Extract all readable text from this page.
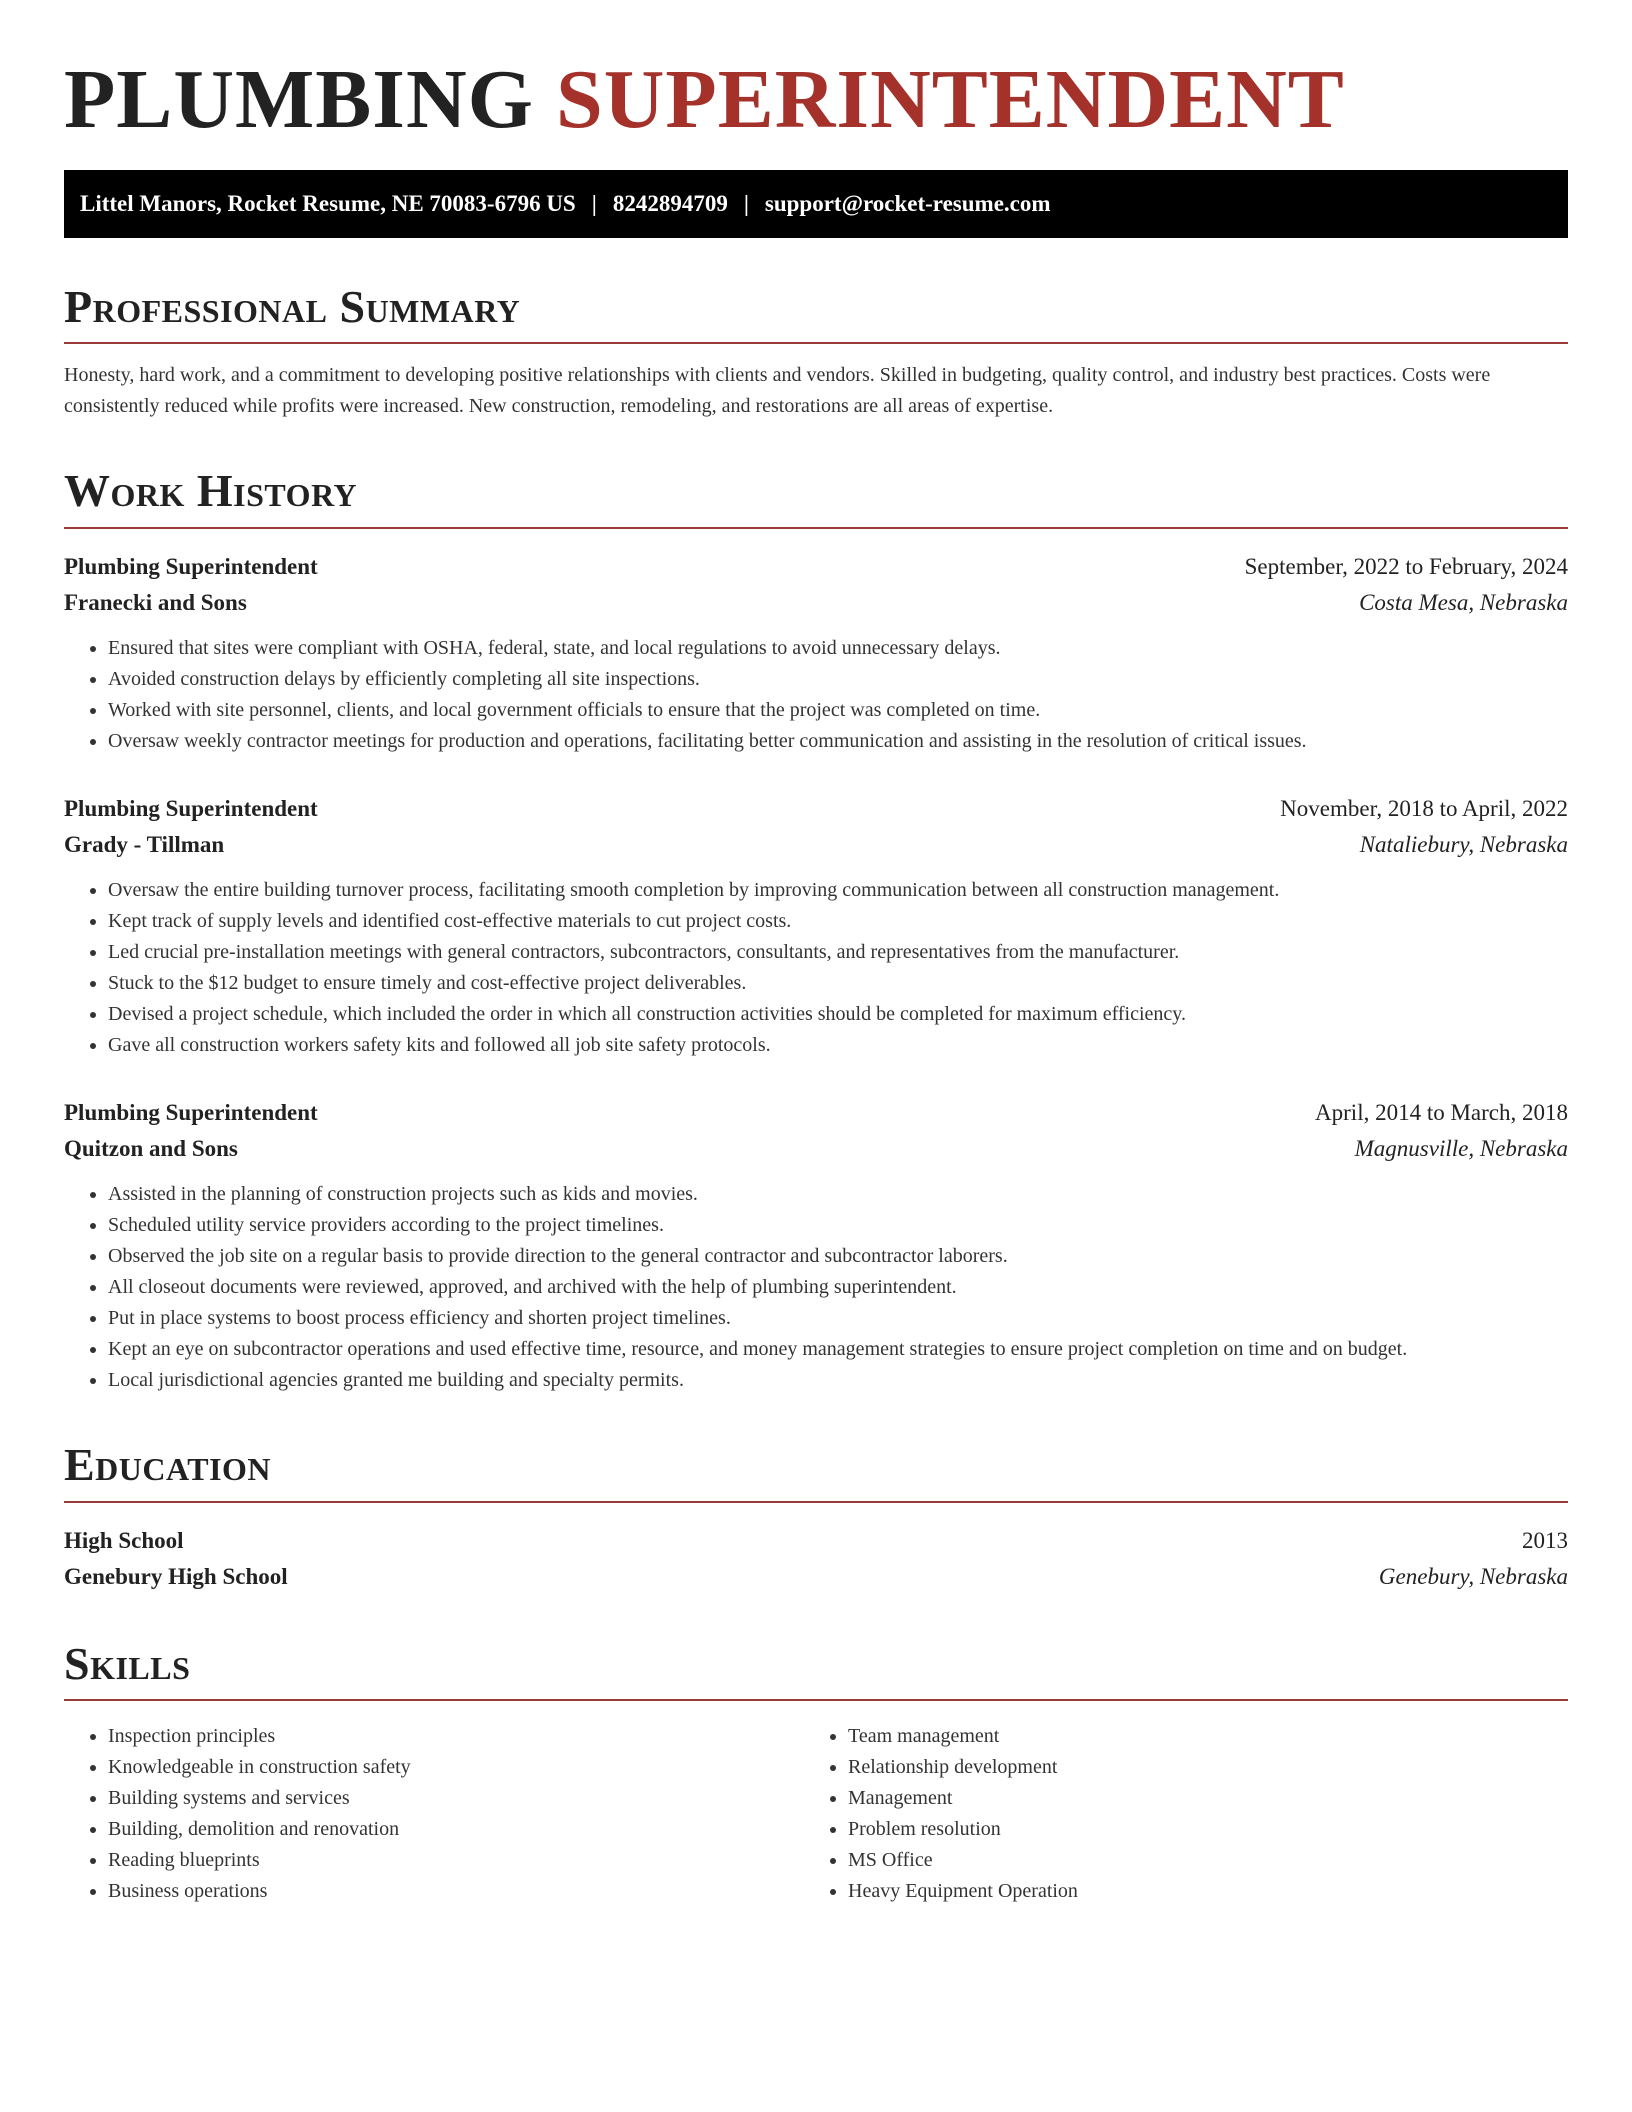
PLUMBING SUPERINTENDENT
Littel Manors, Rocket Resume, NE 70083-6796 US | 8242894709 | support@rocket-resume.com
Professional Summary
Honesty, hard work, and a commitment to developing positive relationships with clients and vendors. Skilled in budgeting, quality control, and industry best practices. Costs were consistently reduced while profits were increased. New construction, remodeling, and restorations are all areas of expertise.
Work History
Plumbing Superintendent	September, 2022 to February, 2024
Franecki and Sons	Costa Mesa, Nebraska
• Ensured that sites were compliant with OSHA, federal, state, and local regulations to avoid unnecessary delays.
• Avoided construction delays by efficiently completing all site inspections.
• Worked with site personnel, clients, and local government officials to ensure that the project was completed on time.
• Oversaw weekly contractor meetings for production and operations, facilitating better communication and assisting in the resolution of critical issues.
Plumbing Superintendent	November, 2018 to April, 2022
Grady - Tillman	Nataliebury, Nebraska
• Oversaw the entire building turnover process, facilitating smooth completion by improving communication between all construction management.
• Kept track of supply levels and identified cost-effective materials to cut project costs.
• Led crucial pre-installation meetings with general contractors, subcontractors, consultants, and representatives from the manufacturer.
• Stuck to the $12 budget to ensure timely and cost-effective project deliverables.
• Devised a project schedule, which included the order in which all construction activities should be completed for maximum efficiency.
• Gave all construction workers safety kits and followed all job site safety protocols.
Plumbing Superintendent	April, 2014 to March, 2018
Quitzon and Sons	Magnusville, Nebraska
• Assisted in the planning of construction projects such as kids and movies.
• Scheduled utility service providers according to the project timelines.
• Observed the job site on a regular basis to provide direction to the general contractor and subcontractor laborers.
• All closeout documents were reviewed, approved, and archived with the help of plumbing superintendent.
• Put in place systems to boost process efficiency and shorten project timelines.
• Kept an eye on subcontractor operations and used effective time, resource, and money management strategies to ensure project completion on time and on budget.
• Local jurisdictional agencies granted me building and specialty permits.
Education
High School	2013
Genebury High School	Genebury, Nebraska
Skills
• Inspection principles
• Knowledgeable in construction safety
• Building systems and services
• Building, demolition and renovation
• Reading blueprints
• Business operations
• Team management
• Relationship development
• Management
• Problem resolution
• MS Office
• Heavy Equipment Operation
